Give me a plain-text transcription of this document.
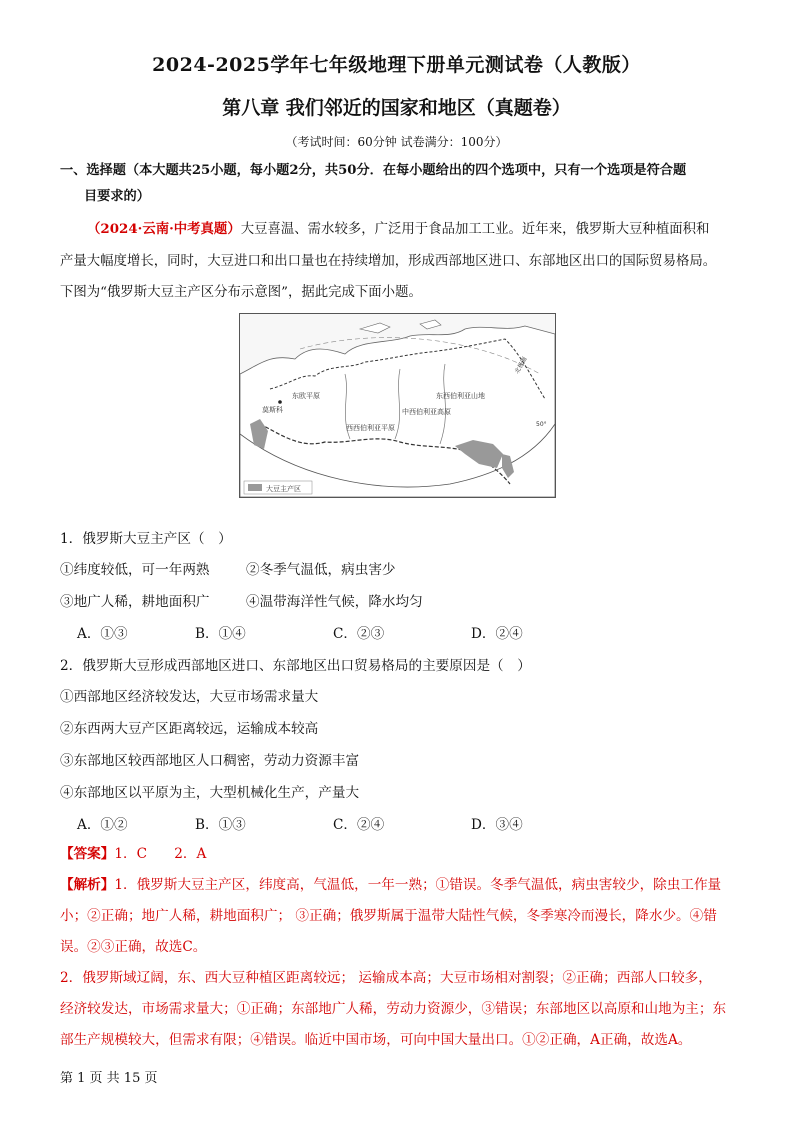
2024-2025学年七年级地理下册单元测试卷（人教版）
第八章 我们邻近的国家和地区（真题卷）
（考试时间：60分钟 试卷满分：100分）
一、选择题（本大题共25小题，每小题2分，共50分．在每小题给出的四个选项中，只有一个选项是符合题
目要求的）
（2024·云南·中考真题）大豆喜温、需水较多，广泛用于食品加工工业。近年来，俄罗斯大豆种植面积和
产量大幅度增长，同时，大豆进口和出口量也在持续增加，形成西部地区进口、东部地区出口的国际贸易格局。
下图为“俄罗斯大豆主产区分布示意图”，据此完成下面小题。
莫斯科
东欧平原
西西伯利亚平原
中西伯利亚高原
东西伯利亚山地
北极圈
50°
大豆主产区
1．俄罗斯大豆主产区（　）
①纬度较低，可一年两熟	②冬季气温低，病虫害少
③地广人稀，耕地面积广	④温带海洋性气候，降水均匀
A．①③	B．①④	C．②③	D．②④
2．俄罗斯大豆形成西部地区进口、东部地区出口贸易格局的主要原因是（　）
①西部地区经济较发达，大豆市场需求量大
②东西两大豆产区距离较远，运输成本较高
③东部地区较西部地区人口稠密，劳动力资源丰富
④东部地区以平原为主，大型机械化生产，产量大
A．①②	B．①③	C．②④	D．③④
【答案】1．C　　2．A
【解析】1．俄罗斯大豆主产区，纬度高，气温低，一年一熟；①错误。冬季气温低，病虫害较少，除虫工作量
小；②正确；地广人稀，耕地面积广； ③正确；俄罗斯属于温带大陆性气候，冬季寒冷而漫长，降水少。④错
误。②③正确，故选C。
2．俄罗斯域辽阔，东、西大豆种植区距离较远； 运输成本高；大豆市场相对割裂；②正确；西部人口较多，
经济较发达，市场需求量大；①正确；东部地广人稀，劳动力资源少，③错误；东部地区以高原和山地为主；东
部生产规模较大，但需求有限；④错误。临近中国市场，可向中国大量出口。①②正确，A正确，故选A。
第 1 页 共 15 页
